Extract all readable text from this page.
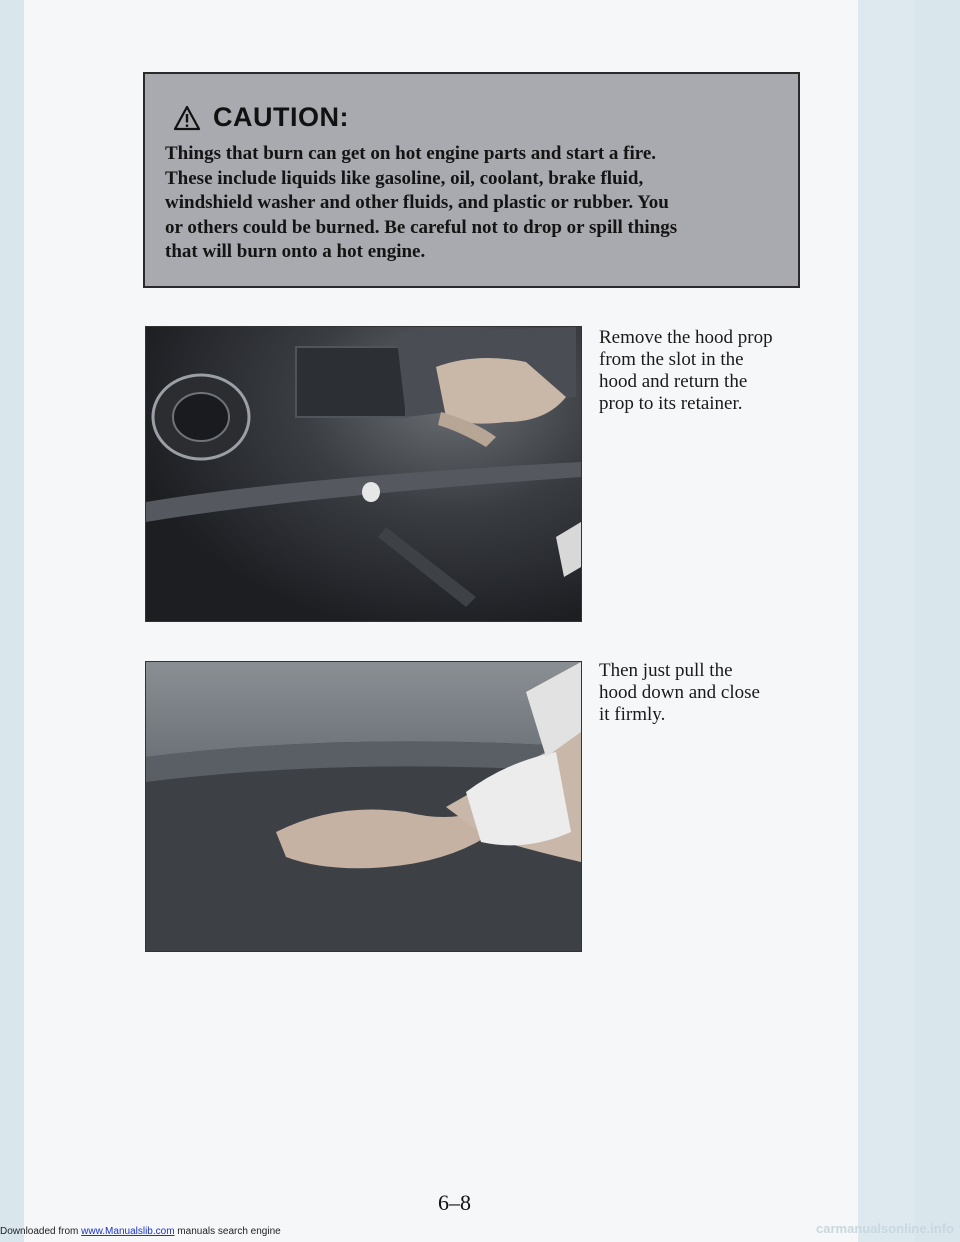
CAUTION:
Things that burn can get on hot engine parts and start a fire.
These include liquids like gasoline, oil, coolant, brake fluid,
windshield washer and other fluids, and plastic or rubber. You
or others could be burned. Be careful not to drop or spill things
that will burn onto a hot engine.
Remove the hood prop
from the slot in the
hood and return the
prop to its retainer.
Then just pull the
hood down and close
it firmly.
6–8
Downloaded from www.Manualslib.com manuals search engine	carmanualsonline.info
